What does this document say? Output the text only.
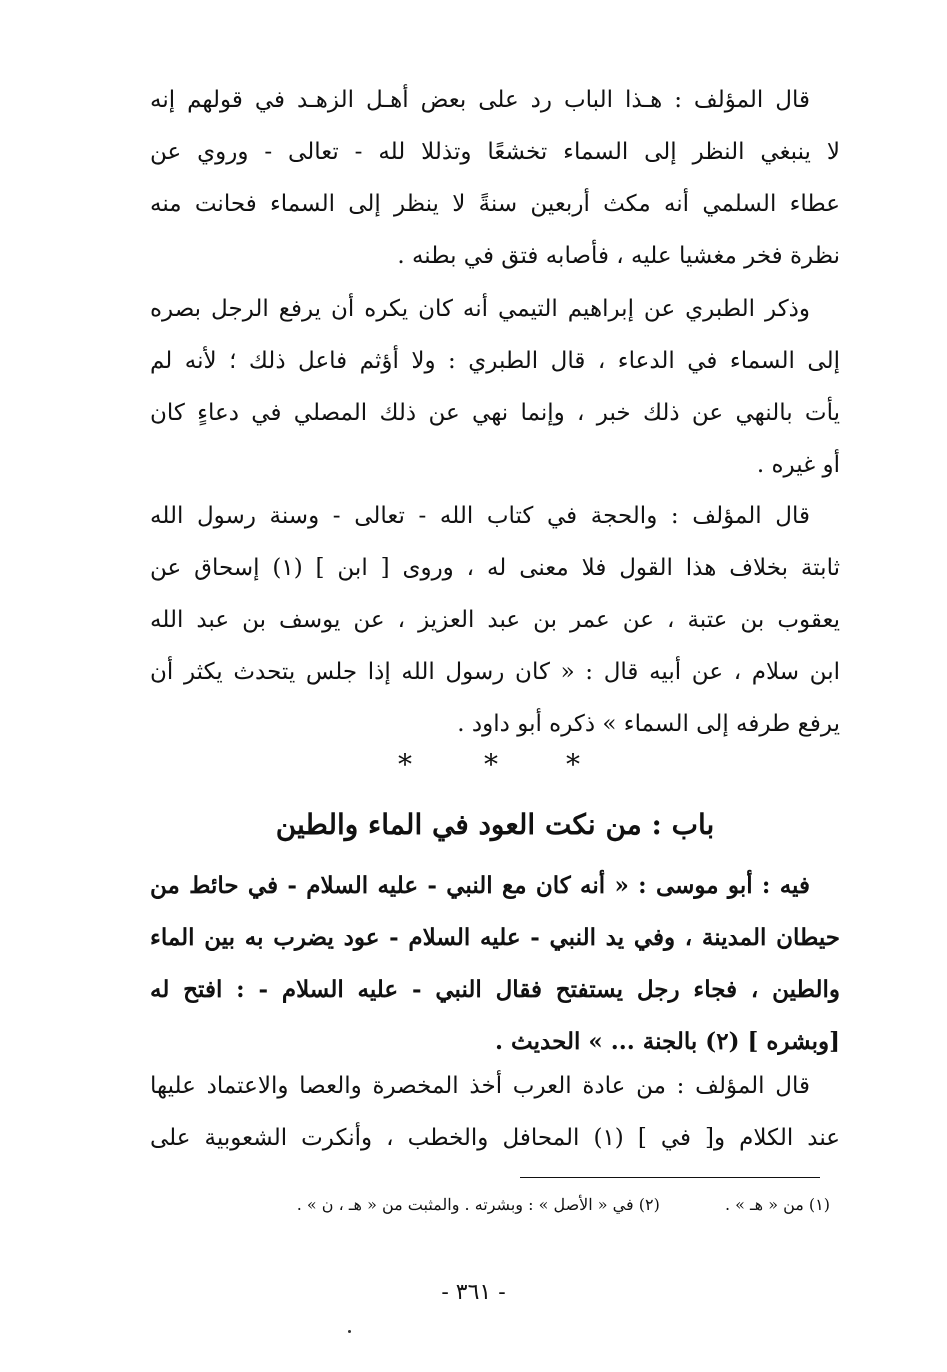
قال المؤلف : هـذا الباب رد على بعض أهـل الزهـد في قولهم إنه
لا ينبغي النظر إلى السماء تخشعًا وتذللا لله - تعالى - وروي عن
عطاء السلمي أنه مكث أربعين سنةً لا ينظر إلى السماء فحانت منه
نظرة فخر مغشيا عليه ، فأصابه فتق في بطنه .
وذكر الطبري عن إبراهيم التيمي أنه كان يكره أن يرفع الرجل بصره
إلى السماء في الدعاء ، قال الطبري : ولا أؤثم فاعل ذلك ؛ لأنه لم
يأت بالنهي عن ذلك خبر ، وإنما نهي عن ذلك المصلي في دعاءٍ كان
أو غيره .
قال المؤلف : والحجة في كتاب الله - تعالى - وسنة رسول الله
ثابتة بخلاف هذا القول فلا معنى له ، وروى [ ابن ] (١) إسحاق عن
يعقوب بن عتبة ، عن عمر بن عبد العزيز ، عن يوسف بن عبد الله
ابن سلام ، عن أبيه قال : « كان رسول الله إذا جلس يتحدث يكثر أن
يرفع طرفه إلى السماء » ذكره أبو داود .
*	* *
باب : من نكت العود في الماء والطين
فيه : أبو موسى : « أنه كان مع النبي - عليه السلام - في حائط من
حيطان المدينة ، وفي يد النبي - عليه السلام - عود يضرب به بين الماء
والطين ، فجاء رجل يستفتح فقال النبي - عليه السلام - : افتح له
[وبشره ] (٢) بالجنة ... » الحديث .
قال المؤلف : من عادة العرب أخذ المخصرة والعصا والاعتماد عليها
عند الكلام و[ في ] (١) المحافل والخطب ، وأنكرت الشعوبية على
(١) من « هـ » . (٢) في « الأصل » : وبشرته . والمثبت من « هـ ، ن » .
- ٣٦١ -
